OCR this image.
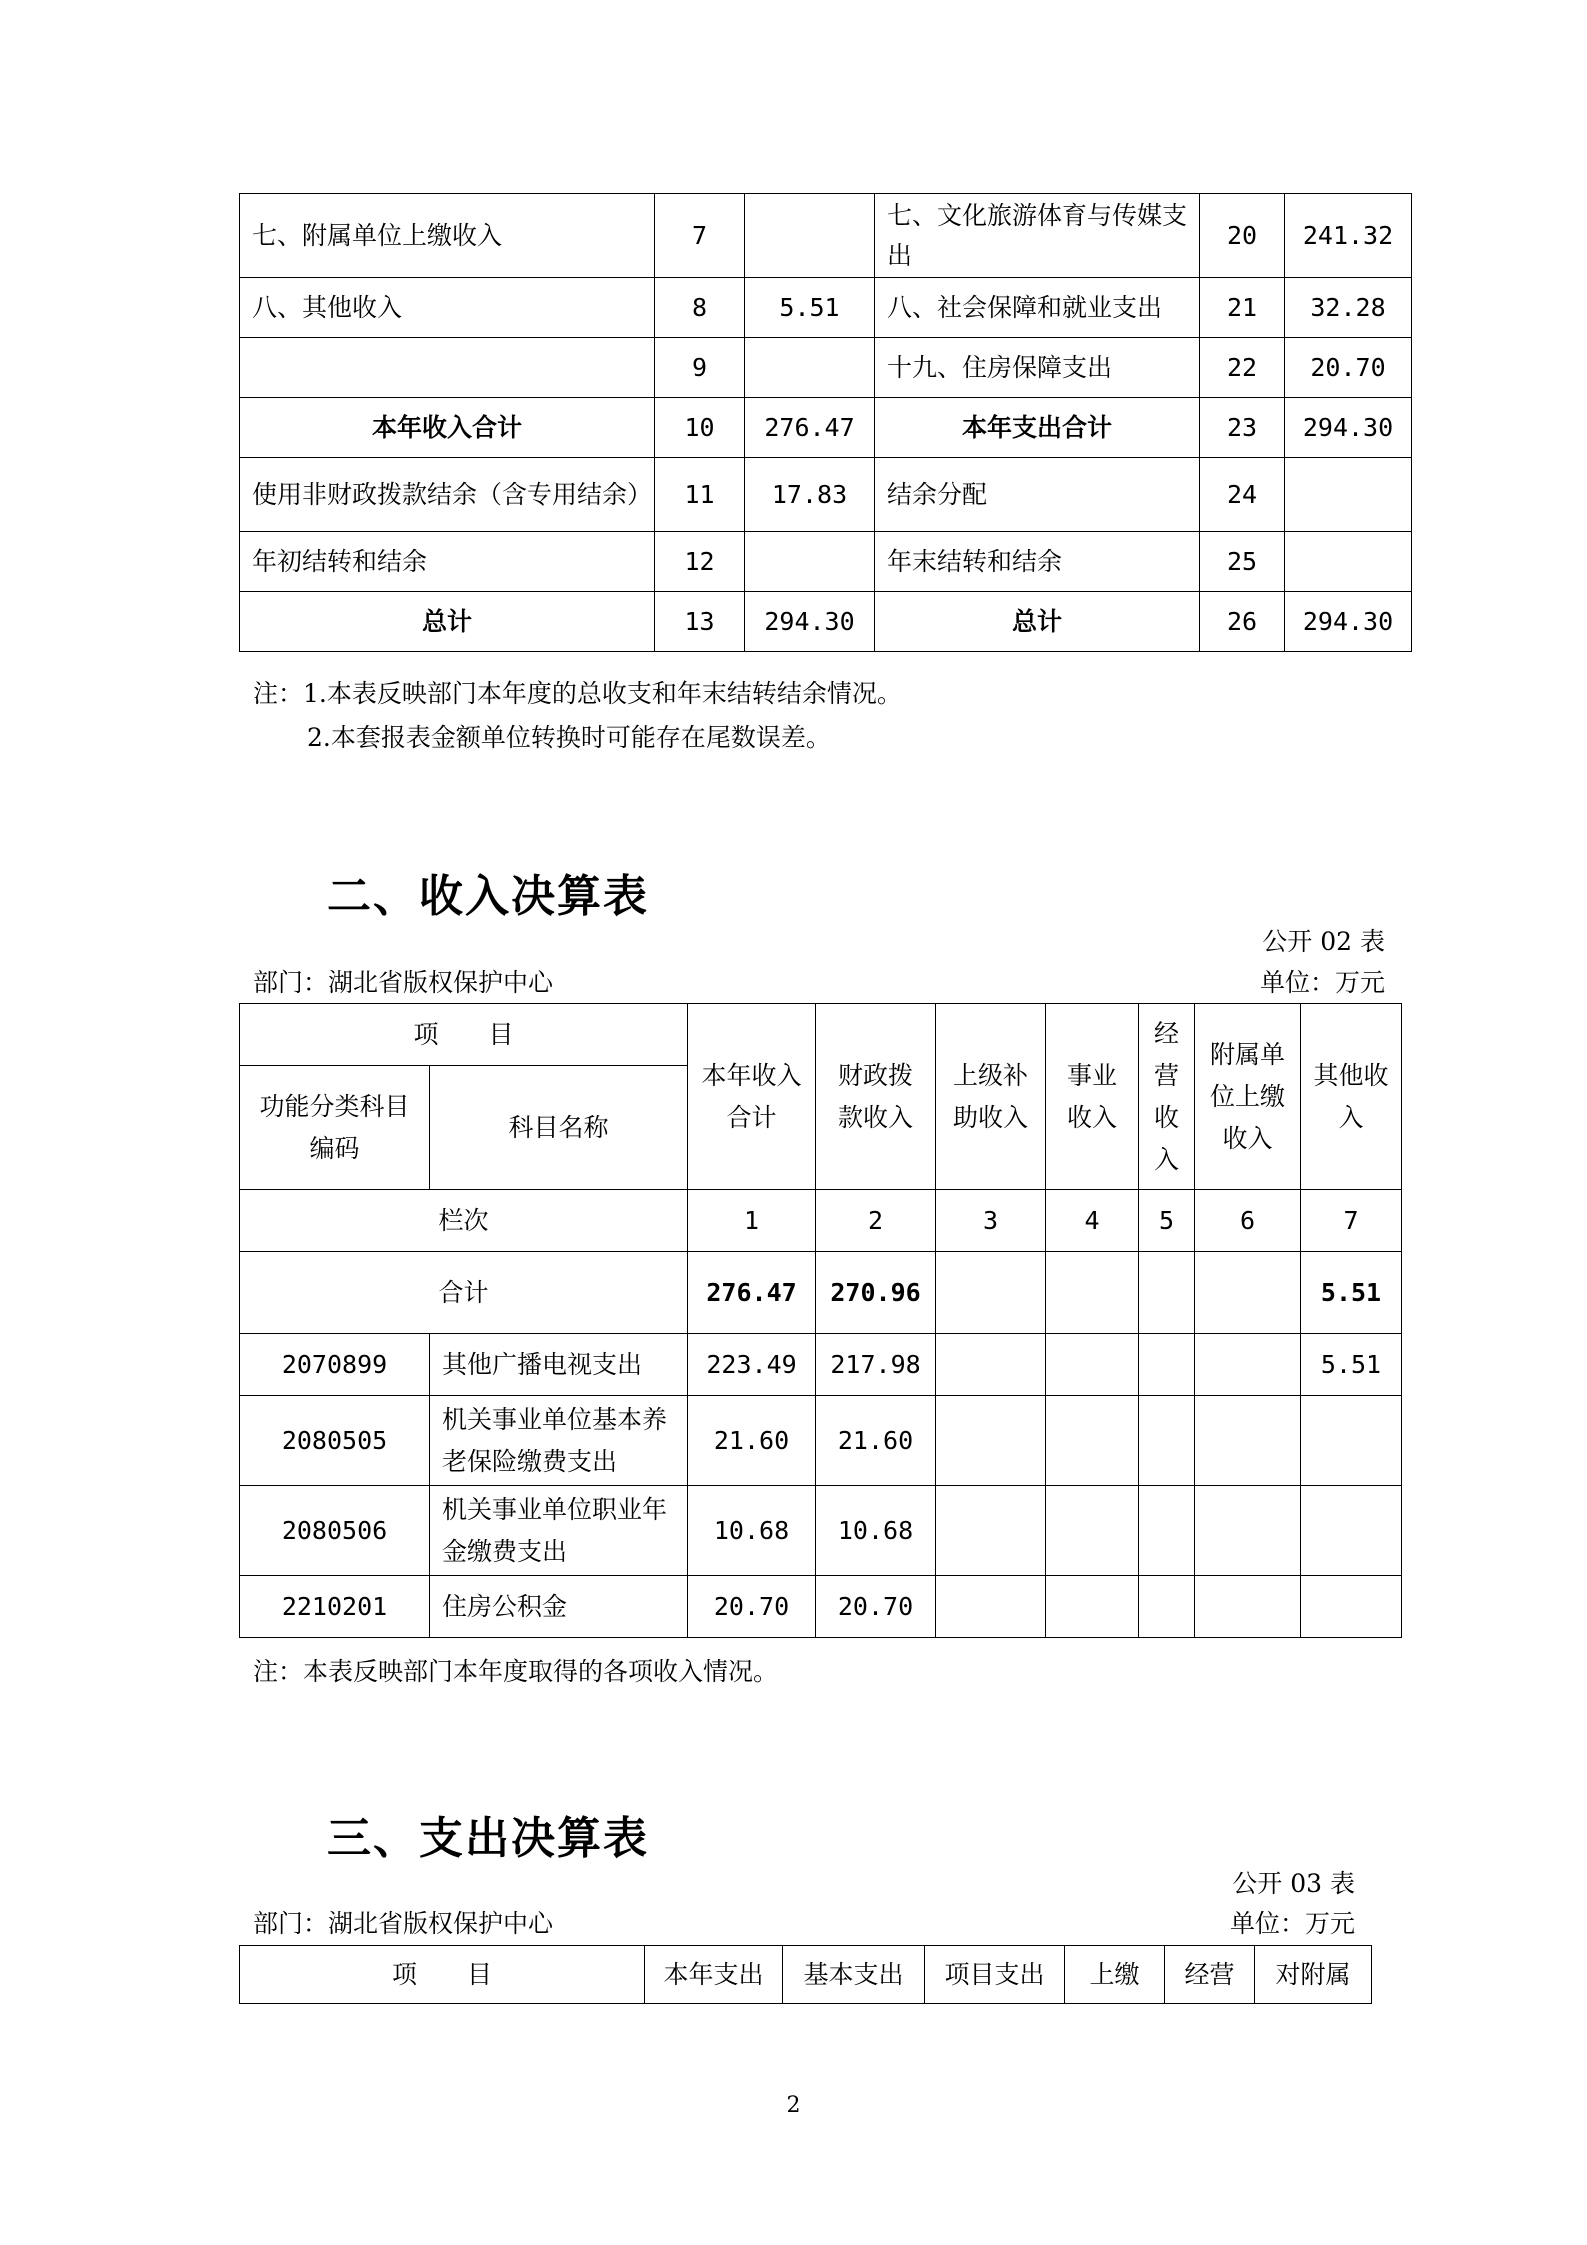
七、附属单位上缴收入	7		七、文化旅游体育与传媒支出	20	241.32
八、其他收入	8	5.51	八、社会保障和就业支出	21	32.28
	9		十九、住房保障支出	22	20.70
本年收入合计	10	276.47	本年支出合计	23	294.30
使用非财政拨款结余（含专用结余）	11	17.83	结余分配	24	
年初结转和结余	12		年末结转和结余	25	
总计	13	294.30	总计	26	294.30
注：1.本表反映部门本年度的总收支和年末结转结余情况。
2.本套报表金额单位转换时可能存在尾数误差。
二、收入决算表
公开 02 表
部门：湖北省版权保护中心	单位：万元
项　　目		本年收入合计	财政拨款收入	上级补助收入	事业收入	经营收入	附属单位上缴收入	其他收入
功能分类科目编码	科目名称							
栏次		1	2	3	4	5	6	7
合计		276.47	270.96					5.51
2070899	其他广播电视支出	223.49	217.98					5.51
2080505	机关事业单位基本养老保险缴费支出	21.60	21.60					
2080506	机关事业单位职业年金缴费支出	10.68	10.68					
2210201	住房公积金	20.70	20.70					
注：本表反映部门本年度取得的各项收入情况。
三、支出决算表
公开 03 表
部门：湖北省版权保护中心	单位：万元
项　　目	本年支出	基本支出	项目支出	上缴	经营	对附属
2
